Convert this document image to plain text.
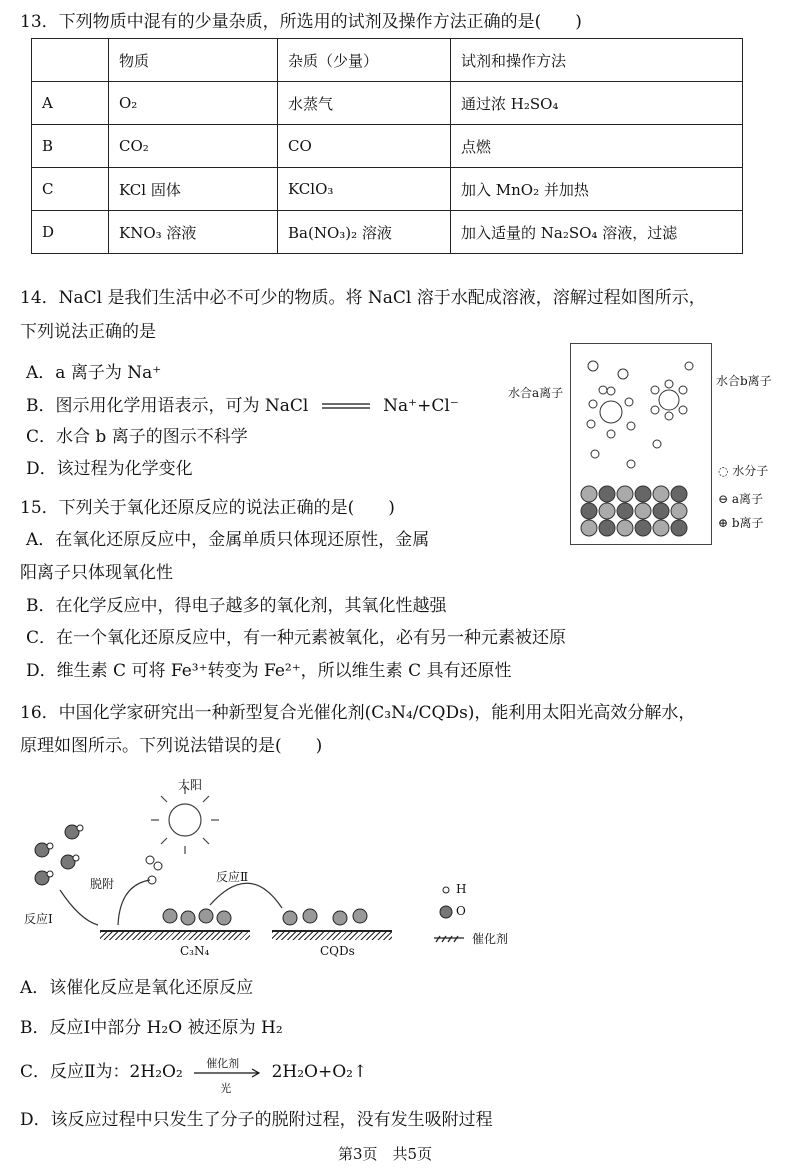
13．下列物质中混有的少量杂质，所选用的试剂及操作方法正确的是(　　)
	物质	杂质（少量）	试剂和操作方法
A	O₂	水蒸气	通过浓 H₂SO₄
B	CO₂	CO	点燃
C	KCl 固体	KClO₃	加入 MnO₂ 并加热
D	KNO₃ 溶液	Ba(NO₃)₂ 溶液	加入适量的 Na₂SO₄ 溶液，过滤
14．NaCl 是我们生活中必不可少的物质。将 NaCl 溶于水配成溶液，溶解过程如图所示，
下列说法正确的是
A．a 离子为 Na⁺
B．图示用化学用语表示，可为 NaCl	Na⁺+Cl⁻
C．水合 b 离子的图示不科学
D．该过程为化学变化
水合a离子
水合b离子
◌ 水分子
⊖ a离子
⊕ b离子
15．下列关于氧化还原反应的说法正确的是(　　)
A．在氧化还原反应中，金属单质只体现还原性，金属
阳离子只体现氧化性
B．在化学反应中，得电子越多的氧化剂，其氧化性越强
C．在一个氧化还原反应中，有一种元素被氧化，必有另一种元素被还原
D．维生素 C 可将 Fe³⁺转变为 Fe²⁺，所以维生素 C 具有还原性
16．中国化学家研究出一种新型复合光催化剂(C₃N₄/CQDs)，能利用太阳光高效分解水，
原理如图所示。下列说法错误的是(　　)
太阳
脱附
反应Ⅰ
反应Ⅱ
C₃N₄	CQDs
H
O
催化剂
A．该催化反应是氧化还原反应
B．反应Ⅰ中部分 H₂O 被还原为 H₂
C．反应Ⅱ为：2H₂O₂ 催化剂
光
2H₂O+O₂↑
D．该反应过程中只发生了分子的脱附过程，没有发生吸附过程
第3页　共5页
